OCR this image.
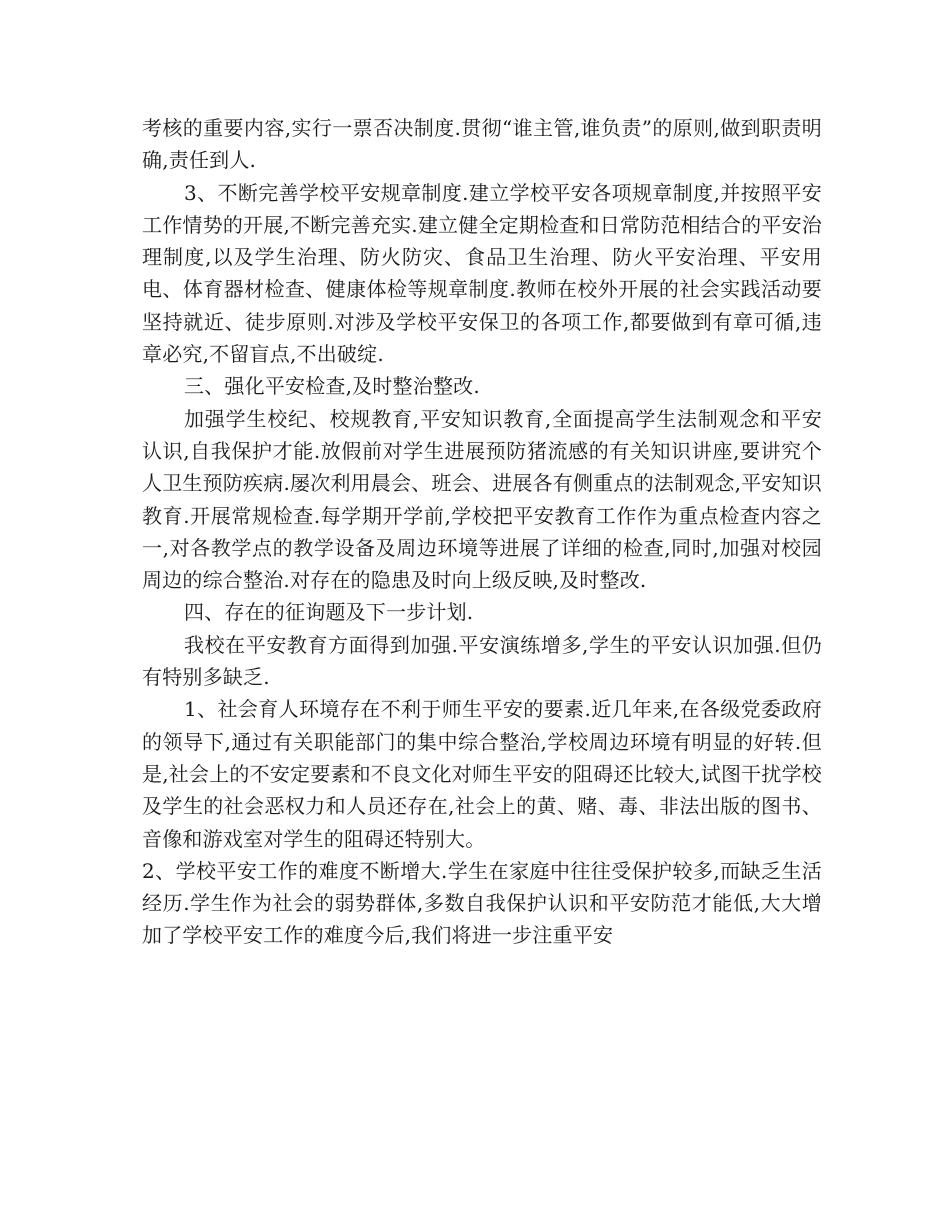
考核的重要内容,实行一票否决制度.贯彻“谁主管,谁负责”的原则,做到职责明确,责任到人.

3、不断完善学校平安规章制度.建立学校平安各项规章制度,并按照平安工作情势的开展,不断完善充实.建立健全定期检查和日常防范相结合的平安治理制度,以及学生治理、防火防灾、食品卫生治理、防火平安治理、平安用电、体育器材检查、健康体检等规章制度.教师在校外开展的社会实践活动要坚持就近、徒步原则.对涉及学校平安保卫的各项工作,都要做到有章可循,违章必究,不留盲点,不出破绽.

三、强化平安检查,及时整治整改.

加强学生校纪、校规教育,平安知识教育,全面提高学生法制观念和平安认识,自我保护才能.放假前对学生进展预防猪流感的有关知识讲座,要讲究个人卫生预防疾病.屡次利用晨会、班会、进展各有侧重点的法制观念,平安知识教育.开展常规检查.每学期开学前,学校把平安教育工作作为重点检查内容之一,对各教学点的教学设备及周边环境等进展了详细的检查,同时,加强对校园周边的综合整治.对存在的隐患及时向上级反映,及时整改.

四、存在的征询题及下一步计划.

我校在平安教育方面得到加强.平安演练增多,学生的平安认识加强.但仍有特别多缺乏.

1、社会育人环境存在不利于师生平安的要素.近几年来,在各级党委政府的领导下,通过有关职能部门的集中综合整治,学校周边环境有明显的好转.但是,社会上的不安定要素和不良文化对师生平安的阻碍还比较大,试图干扰学校及学生的社会恶权力和人员还存在,社会上的黄、赌、毒、非法出版的图书、音像和游戏室对学生的阻碍还特别大。

2、学校平安工作的难度不断增大.学生在家庭中往往受保护较多,而缺乏生活经历.学生作为社会的弱势群体,多数自我保护认识和平安防范才能低,大大增加了学校平安工作的难度今后,我们将进一步注重平安
